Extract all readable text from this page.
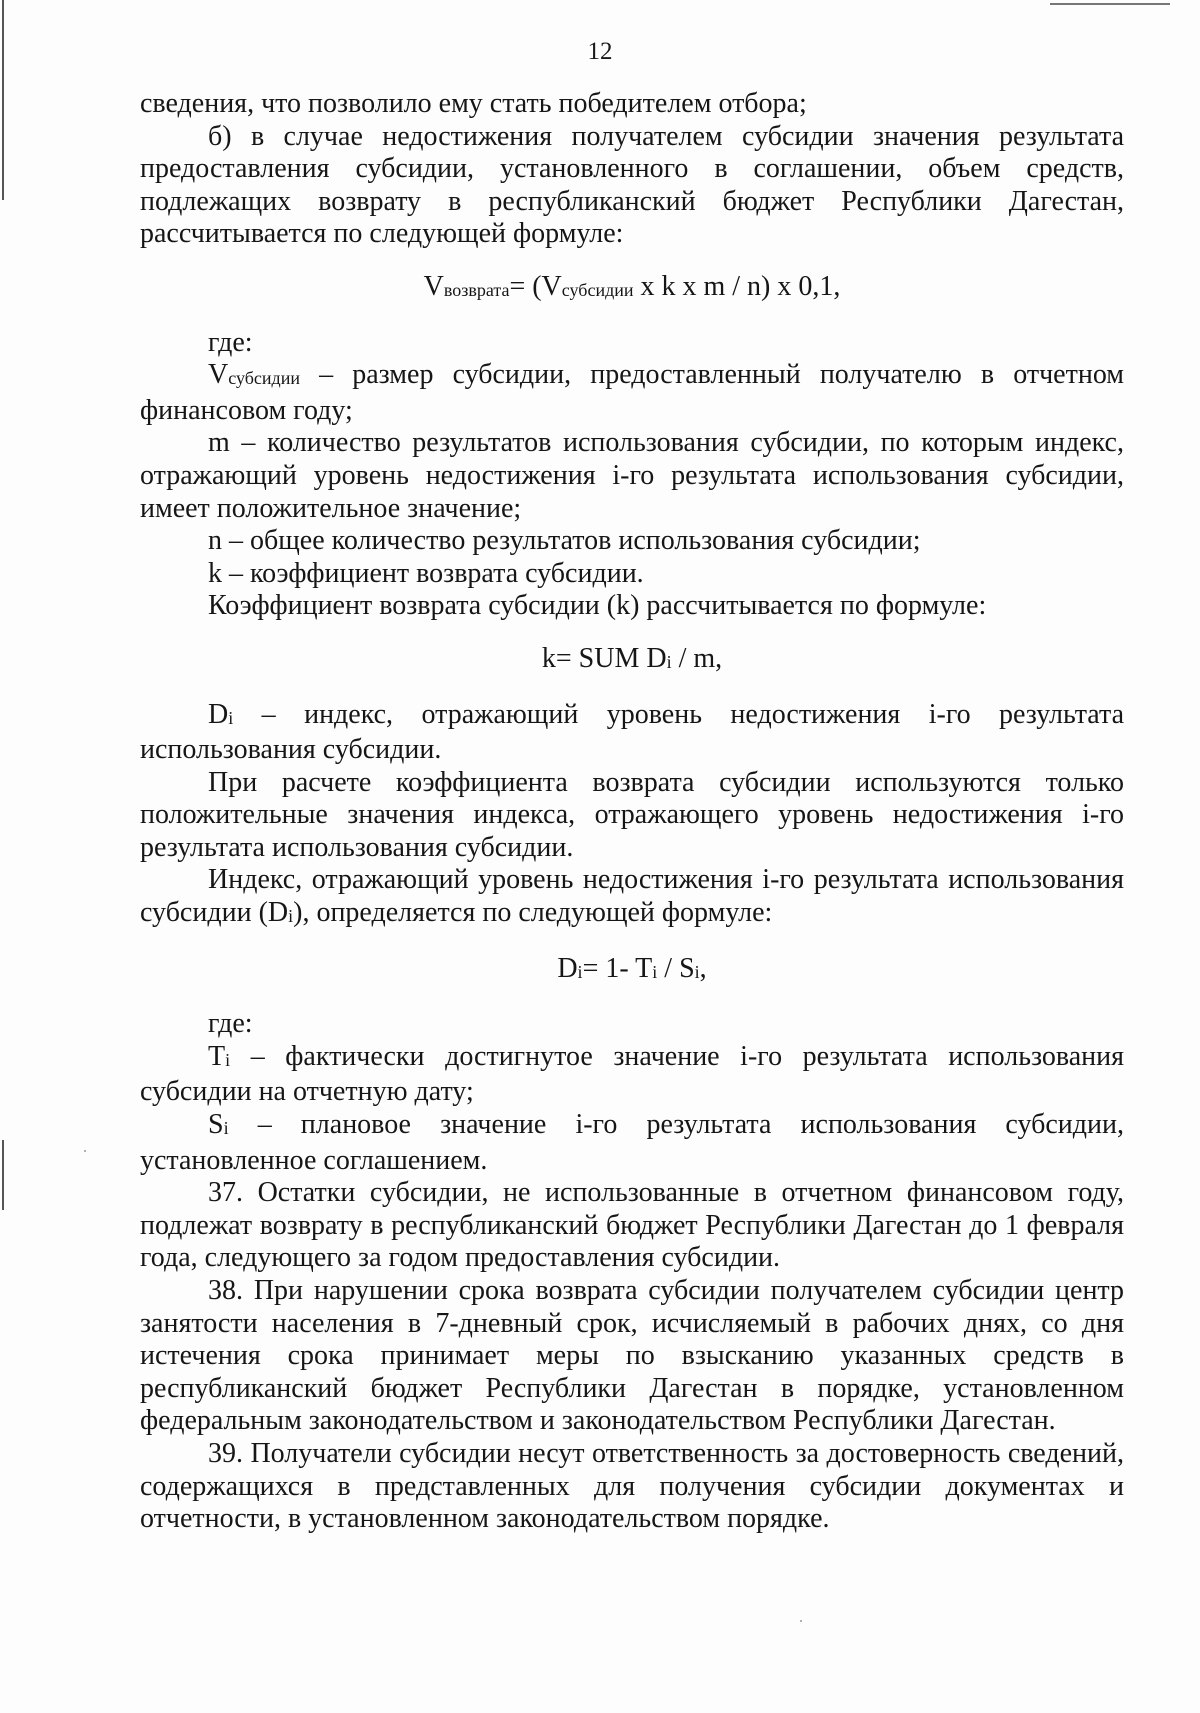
12

сведения, что позволило ему стать победителем отбора;

б) в случае недостижения получателем субсидии значения результата предоставления субсидии, установленного в соглашении, объем средств, подлежащих возврату в республиканский бюджет Республики Дагестан, рассчитывается по следующей формуле:

Vвозврата= (Vсубсидии x k x m / n) x 0,1,

где:

Vсубсидии – размер субсидии, предоставленный получателю в отчетном финансовом году;

m – количество результатов использования субсидии, по которым индекс, отражающий уровень недостижения i-го результата использования субсидии, имеет положительное значение;

n – общее количество результатов использования субсидии;

k – коэффициент возврата субсидии.

Коэффициент возврата субсидии (k) рассчитывается по формуле:

k= SUM Di / m,

Di – индекс, отражающий уровень недостижения i-го результата использования субсидии.

При расчете коэффициента возврата субсидии используются только положительные значения индекса, отражающего уровень недостижения i-го результата использования субсидии.

Индекс, отражающий уровень недостижения i-го результата использования субсидии (Di), определяется по следующей формуле:

Di= 1- Ti / Si,

где:

Ti – фактически достигнутое значение i-го результата использования субсидии на отчетную дату;

Si – плановое значение i-го результата использования субсидии, установленное соглашением.

37. Остатки субсидии, не использованные в отчетном финансовом году, подлежат возврату в республиканский бюджет Республики Дагестан до 1 февраля года, следующего за годом предоставления субсидии.

38. При нарушении срока возврата субсидии получателем субсидии центр занятости населения в 7-дневный срок, исчисляемый в рабочих днях, со дня истечения срока принимает меры по взысканию указанных средств в республиканский бюджет Республики Дагестан в порядке, установленном федеральным законодательством и законодательством Республики Дагестан.

39. Получатели субсидии несут ответственность за достоверность сведений, содержащихся в представленных для получения субсидии документах и отчетности, в установленном законодательством порядке.
